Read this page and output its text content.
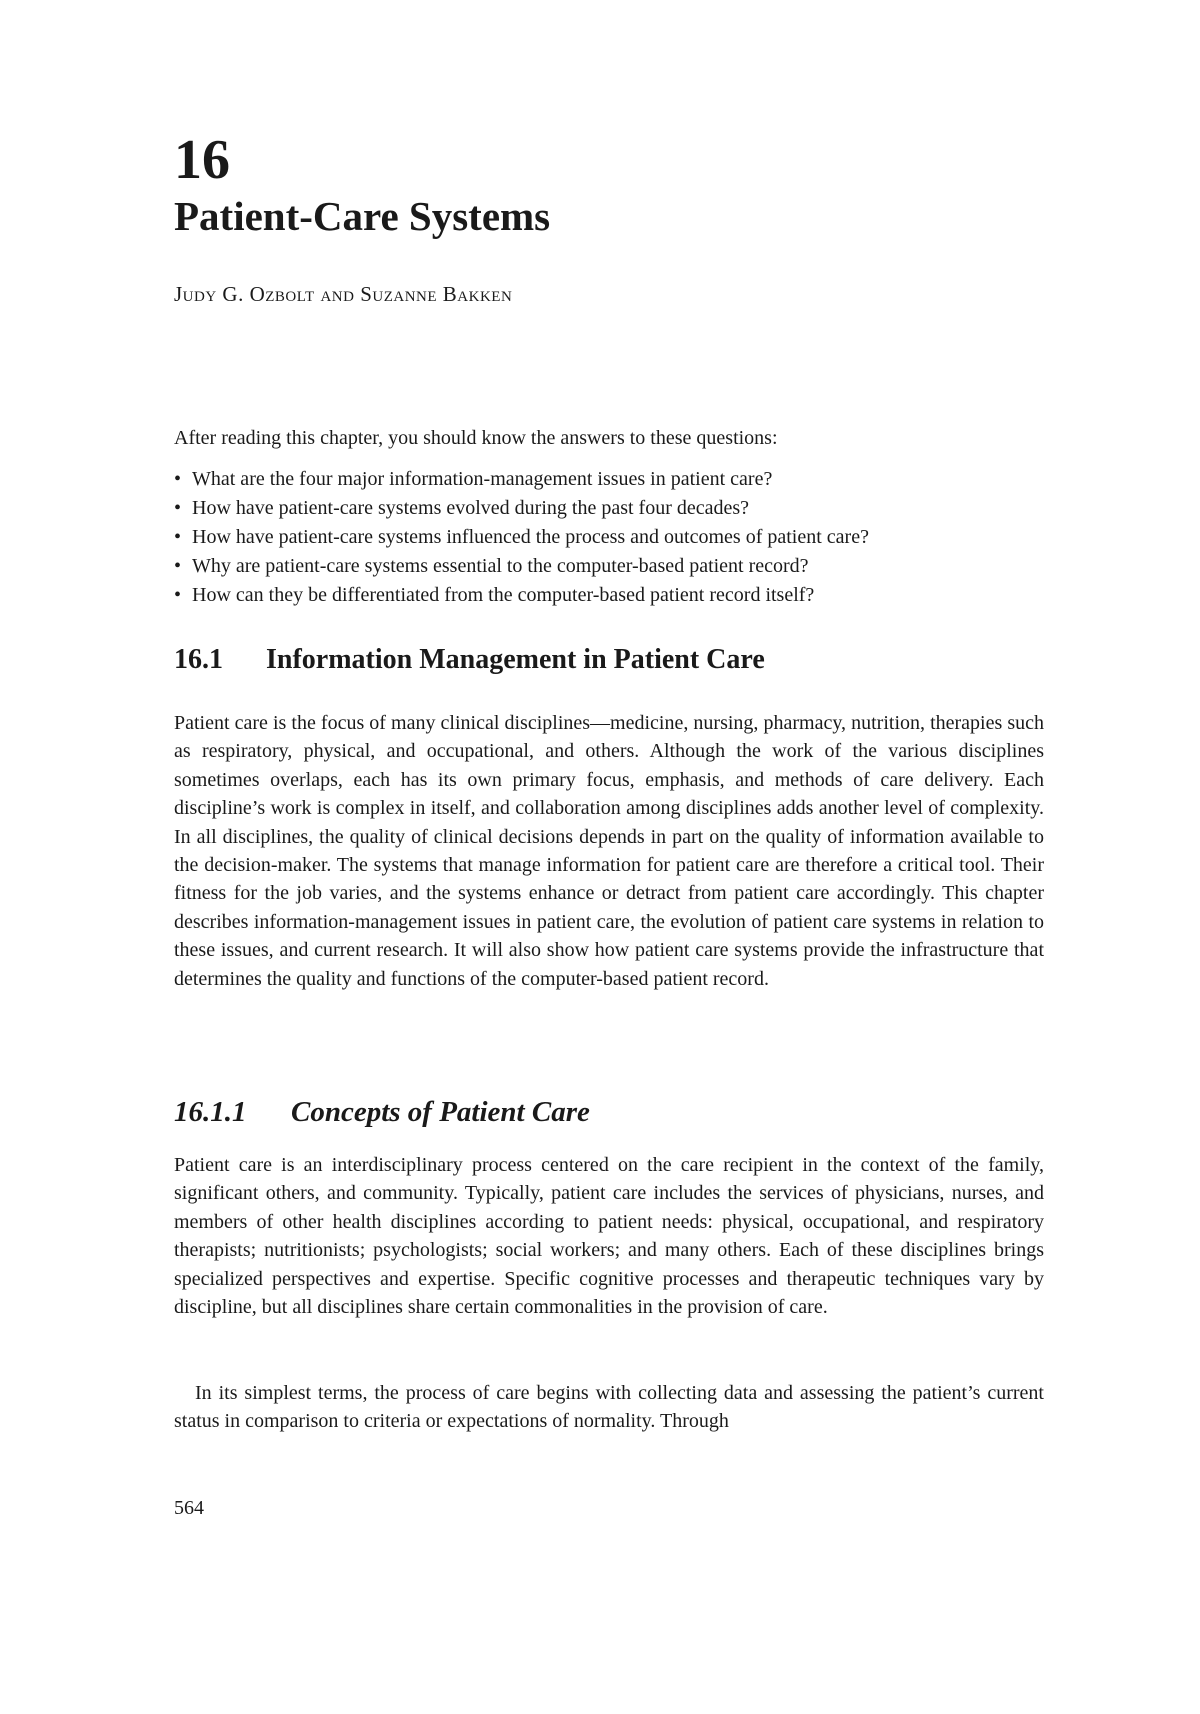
16
Patient-Care Systems

Judy G. Ozbolt and Suzanne Bakken

After reading this chapter, you should know the answers to these questions:

• What are the four major information-management issues in patient care?
• How have patient-care systems evolved during the past four decades?
• How have patient-care systems influenced the process and outcomes of patient care?
• Why are patient-care systems essential to the computer-based patient record?
• How can they be differentiated from the computer-based patient record itself?
16.1 Information Management in Patient Care

Patient care is the focus of many clinical disciplines—medicine, nursing, pharmacy, nutrition, therapies such as respiratory, physical, and occupational, and others. Although the work of the various disciplines sometimes overlaps, each has its own primary focus, emphasis, and methods of care delivery. Each discipline’s work is complex in itself, and collaboration among disciplines adds another level of complexity. In all disciplines, the quality of clinical decisions depends in part on the quality of information available to the decision-maker. The systems that manage information for patient care are therefore a critical tool. Their fitness for the job varies, and the systems enhance or detract from patient care accordingly. This chapter describes information-management issues in patient care, the evolution of patient care systems in relation to these issues, and current research. It will also show how patient care systems provide the infrastructure that determines the quality and functions of the computer-based patient record.

16.1.1 Concepts of Patient Care

Patient care is an interdisciplinary process centered on the care recipient in the context of the family, significant others, and community. Typically, patient care includes the services of physicians, nurses, and members of other health disciplines according to patient needs: physical, occupational, and respiratory therapists; nutritionists; psychologists; social workers; and many others. Each of these disciplines brings specialized perspectives and expertise. Specific cognitive processes and therapeutic techniques vary by discipline, but all disciplines share certain commonalities in the provision of care.

In its simplest terms, the process of care begins with collecting data and assessing the patient’s current status in comparison to criteria or expectations of normality. Through

564
